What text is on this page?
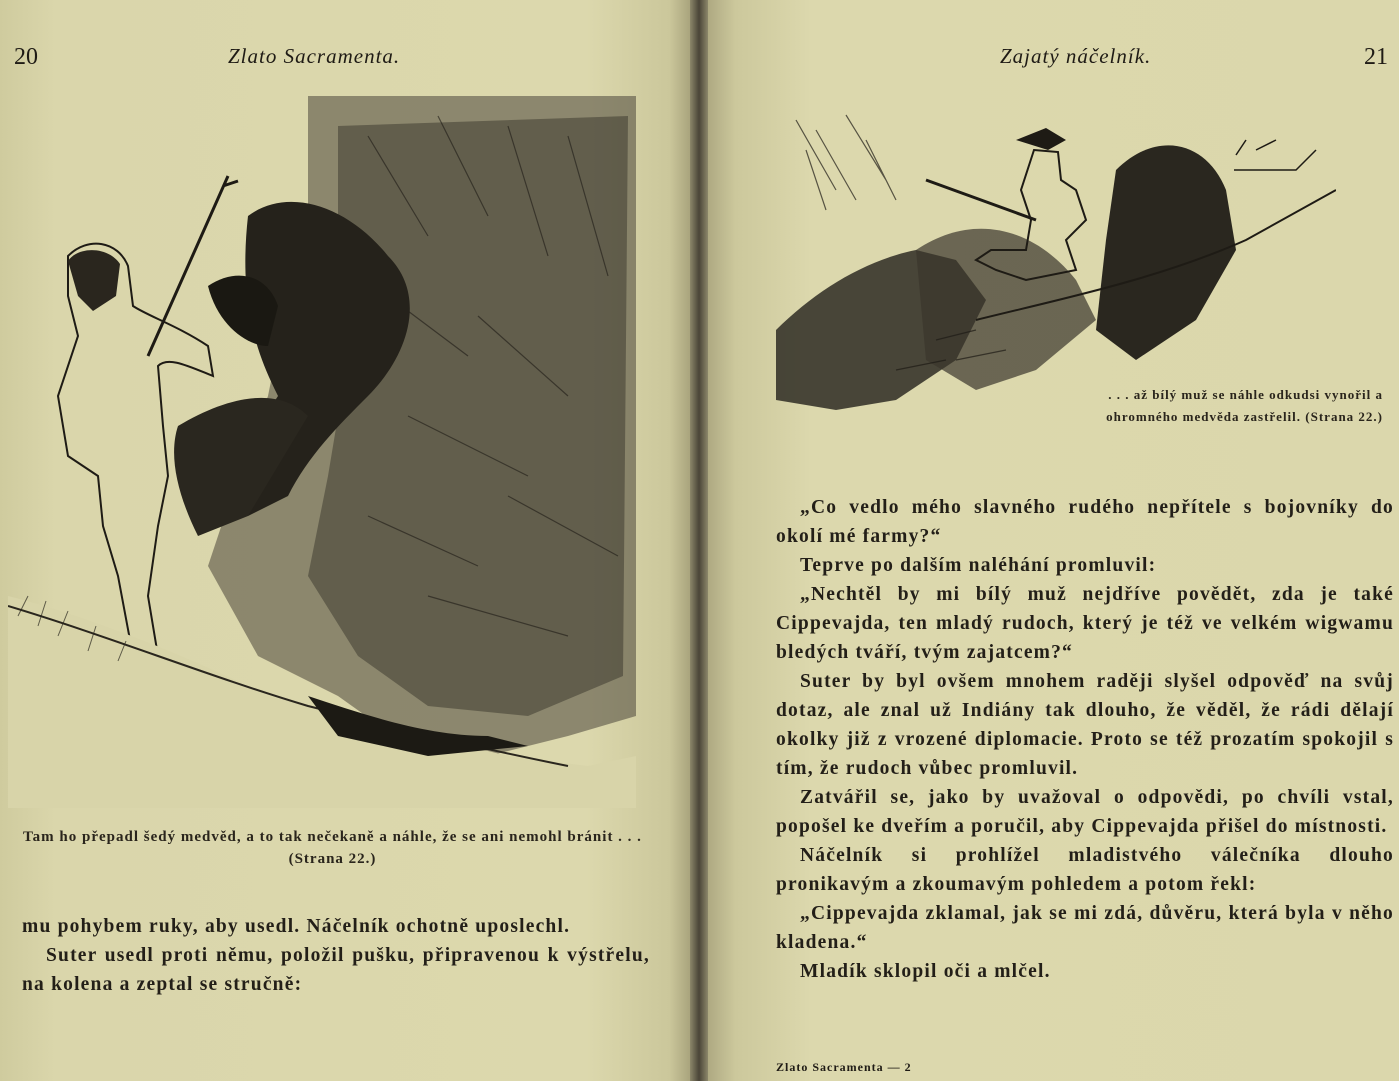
20	Zlato Sacramenta.
Tam ho přepadl šedý medvěd, a to tak nečekaně a náhle, že se ani nemohl bránit . . . (Strana 22.)

mu pohybem ruky, aby usedl. Náčelník ochotně uposlechl.

Suter usedl proti němu, položil pušku, připravenou k výstřelu, na kolena a zeptal se stručně:

Zajatý náčelník.	21
. . . až bílý muž se náhle odkudsi vynořil a ohromného medvěda zastřelil. (Strana 22.)

„Co vedlo mého slavného rudého nepřítele s bojovníky do okolí mé farmy?“

Teprve po dalším naléhání promluvil:

„Nechtěl by mi bílý muž nejdříve povědět, zda je také Cippevajda, ten mladý rudoch, který je též ve velkém wigwamu bledých tváří, tvým zajatcem?“

Suter by byl ovšem mnohem raději slyšel odpověď na svůj dotaz, ale znal už Indiány tak dlouho, že věděl, že rádi dělají okolky již z vrozené diplomacie. Proto se též prozatím spokojil s tím, že rudoch vůbec promluvil.

Zatvářil se, jako by uvažoval o odpovědi, po chvíli vstal, popošel ke dveřím a poručil, aby Cippevajda přišel do místnosti.

Náčelník si prohlížel mladistvého válečníka dlouho pronikavým a zkoumavým pohledem a potom řekl:

„Cippevajda zklamal, jak se mi zdá, důvěru, která byla v něho kladena.“

Mladík sklopil oči a mlčel.

Zlato Sacramenta — 2
